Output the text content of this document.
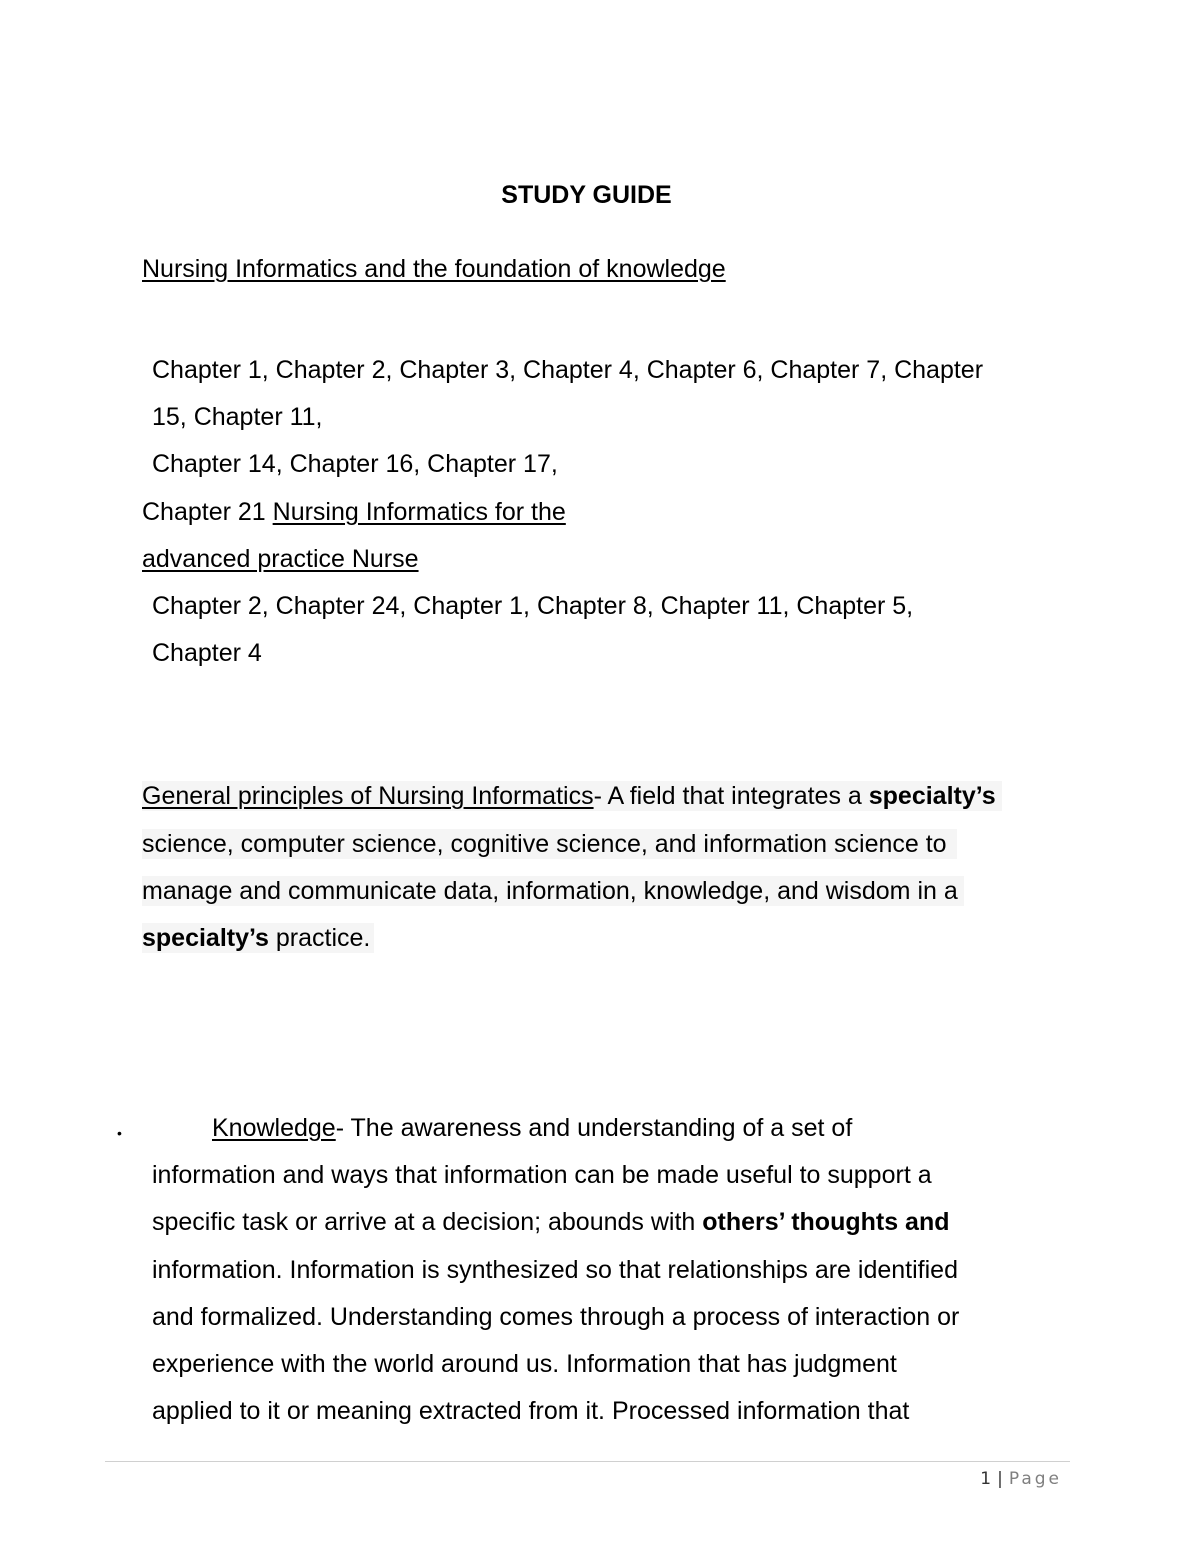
STUDY GUIDE
Nursing Informatics and the foundation of knowledge
Chapter 1, Chapter 2, Chapter 3, Chapter 4, Chapter 6, Chapter 7, Chapter
15, Chapter 11,
Chapter 14, Chapter 16, Chapter 17,
Chapter 21 Nursing Informatics for the
advanced practice Nurse
Chapter 2, Chapter 24, Chapter 1, Chapter 8, Chapter 11, Chapter 5,
Chapter 4
General principles of Nursing Informatics- A field that integrates a specialty’s
science, computer science, cognitive science, and information science to
manage and communicate data, information, knowledge, and wisdom in a
specialty’s practice.
•	Knowledge- The awareness and understanding of a set of
information and ways that information can be made useful to support a
specific task or arrive at a decision; abounds with others’ thoughts and
information. Information is synthesized so that relationships are identified
and formalized. Understanding comes through a process of interaction or
experience with the world around us. Information that has judgment
applied to it or meaning extracted from it. Processed information that
1 | Page
